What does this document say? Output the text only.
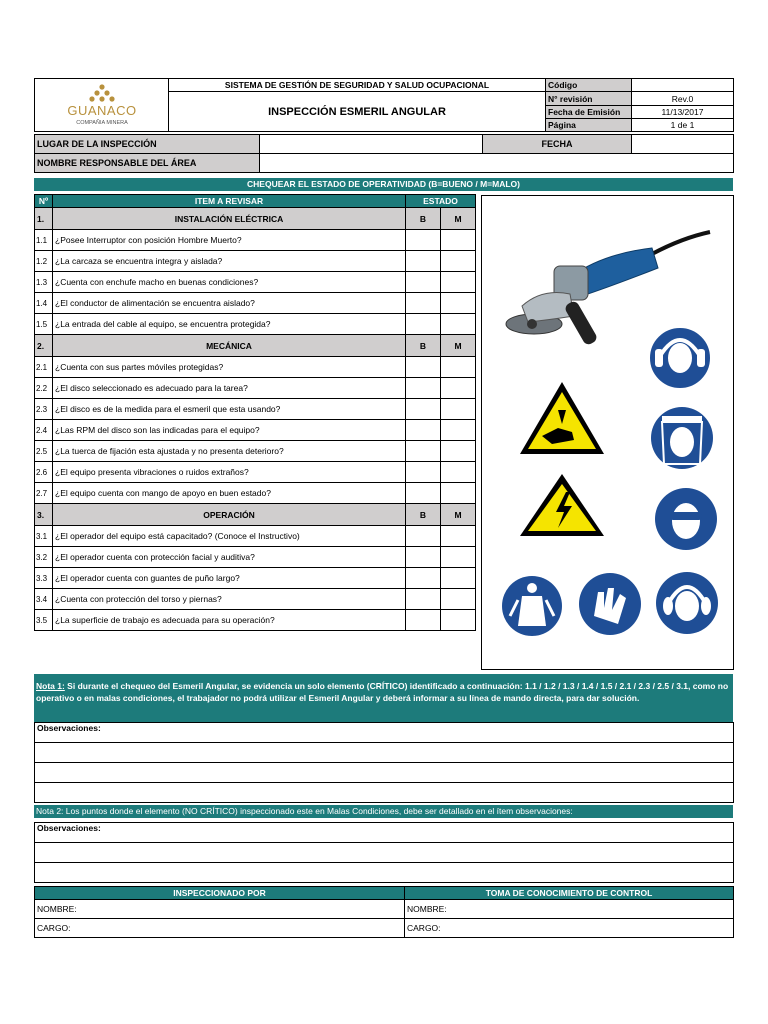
GUANACO
COMPAÑIA MINERA	SISTEMA DE GESTIÓN DE SEGURIDAD Y SALUD OCUPACIONAL	Código	
	INSPECCIÓN ESMERIL ANGULAR	N° revisión	Rev.0
		Fecha de Emisión	11/13/2017
		Página	1 de 1
LUGAR DE LA INSPECCIÓN		FECHA	
NOMBRE RESPONSABLE DEL ÁREA			
CHEQUEAR EL ESTADO DE OPERATIVIDAD (B=BUENO / M=MALO)
Nº	ITEM A REVISAR	ESTADO	
1.	INSTALACIÓN ELÉCTRICA	B	M
1.1	¿Posee Interruptor con posición Hombre Muerto?		
1.2	¿La carcaza se encuentra integra y aislada?		
1.3	¿Cuenta con enchufe macho en buenas condiciones?		
1.4	¿El conductor de alimentación se encuentra aislado?		
1.5	¿La entrada del cable al equipo, se encuentra protegida?		
2.	MECÁNICA	B	M
2.1	¿Cuenta con sus partes móviles protegidas?		
2.2	¿El disco seleccionado es adecuado para la tarea?		
2.3	¿El disco es de la medida para el esmeril que esta usando?		
2.4	¿Las RPM del disco son las indicadas para el equipo?		
2.5	¿La tuerca de fijación esta ajustada y no presenta deterioro?		
2.6	¿El equipo presenta vibraciones o ruidos extraños?		
2.7	¿El equipo cuenta con mango de apoyo en buen estado?		
3.	OPERACIÓN	B	M
3.1	¿El operador del equipo está capacitado? (Conoce el Instructivo)		
3.2	¿El operador cuenta con protección facial y auditiva?		
3.3	¿El operador cuenta con guantes de puño largo?		
3.4	¿Cuenta con protección del torso y piernas?		
3.5	¿La superficie de trabajo es adecuada para su operación?		
Nota 1: Si durante el chequeo del Esmeril Angular, se evidencia un solo elemento (CRÍTICO) identificado a continuación: 1.1 / 1.2 / 1.3 / 1.4 / 1.5 / 2.1 / 2.3 / 2.5 / 3.1, como no operativo o en malas condiciones, el trabajador no podrá utilizar el Esmeril Angular y deberá informar a su línea de mando directa, para dar solución.
Observaciones:

Nota 2: Los puntos donde el elemento (NO CRÍTICO) inspeccionado este en Malas Condiciones, debe ser detallado en el ítem observaciones:
Observaciones:

INSPECCIONADO POR	TOMA DE CONOCIMIENTO DE CONTROL
NOMBRE:	NOMBRE:
CARGO:	CARGO:
